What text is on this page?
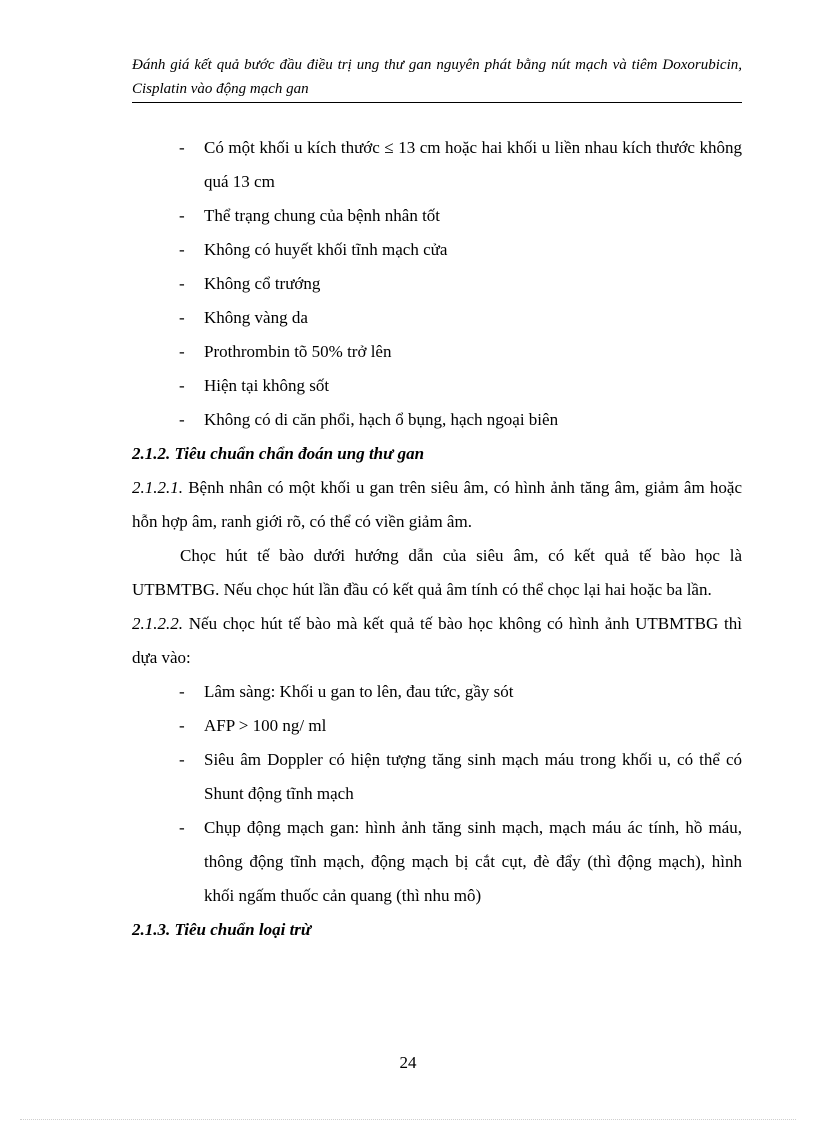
Đánh giá kết quả bước đầu điều trị ung thư gan nguyên phát bằng nút mạch và tiêm Doxorubicin, Cisplatin vào động mạch gan
- Có một khối u kích thước ≤ 13 cm hoặc hai khối u liền nhau kích thước không quá 13 cm
- Thể trạng chung của bệnh nhân tốt
- Không có huyết khối tĩnh mạch cửa
- Không cổ trướng
- Không vàng da
- Prothrombin tõ 50% trở lên
- Hiện tại không sốt
- Không có di căn phổi, hạch ổ bụng, hạch ngoại biên
2.1.2. Tiêu chuẩn chẩn đoán ung thư gan
2.1.2.1. Bệnh nhân có một khối u gan trên siêu âm, có hình ảnh tăng âm, giảm âm hoặc hỗn hợp âm, ranh giới rõ, có thể có viền giảm âm.
Chọc hút tế bào dưới hướng dẫn của siêu âm, có kết quả tế bào học là UTBMTBG. Nếu chọc hút lần đầu có kết quả âm tính có thể chọc lại hai hoặc ba lần.
2.1.2.2. Nếu chọc hút tế bào mà kết quả tế bào học không có hình ảnh UTBMTBG thì dựa vào:
- Lâm sàng: Khối u gan to lên, đau tức, gầy sót
- AFP > 100 ng/ ml
- Siêu âm Doppler có hiện tượng tăng sinh mạch máu trong khối u, có thể có Shunt động tĩnh mạch
- Chụp động mạch gan: hình ảnh tăng sinh mạch, mạch máu ác tính, hồ máu, thông động tĩnh mạch, động mạch bị cắt cụt, đè đẩy (thì động mạch), hình khối ngấm thuốc cản quang (thì nhu mô)
2.1.3. Tiêu chuẩn loại trừ
24
